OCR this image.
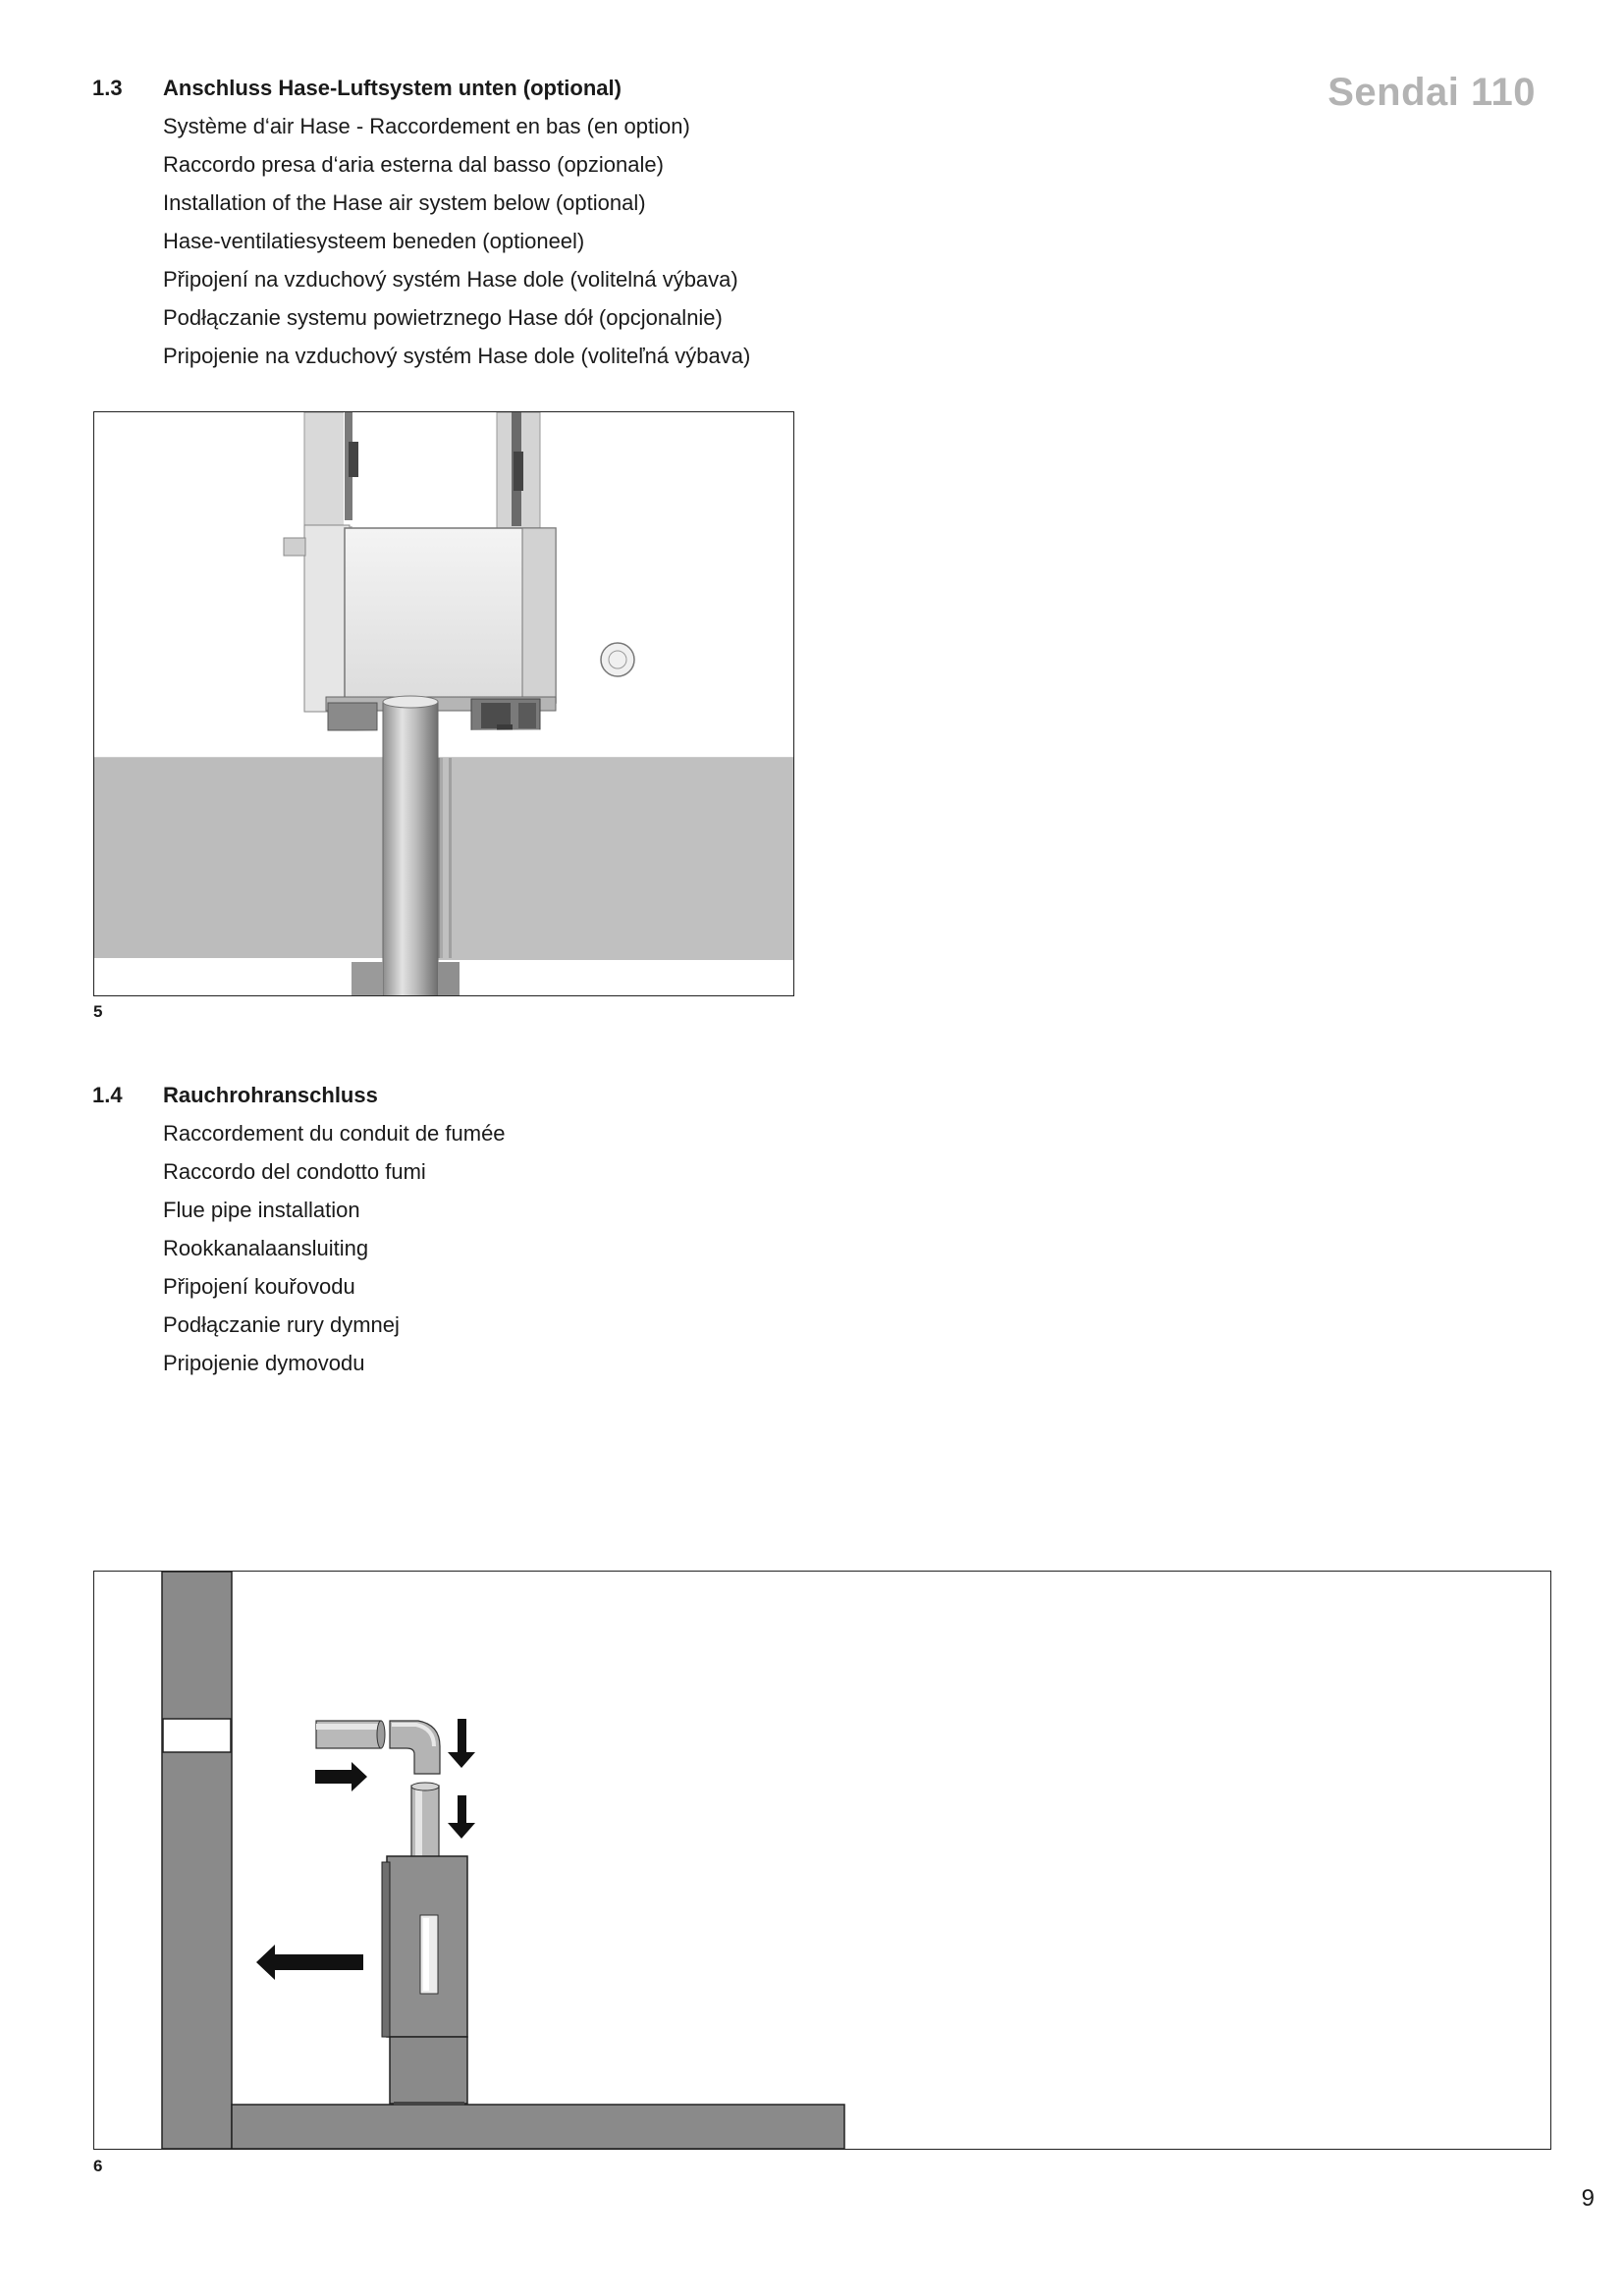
Sendai 110
1.3 Anschluss Hase-Luftsystem unten (optional)
Système d‘air Hase - Raccordement en bas (en option)
Raccordo presa d‘aria esterna dal basso (opzionale)
Installation of the Hase air system below (optional)
Hase-ventilatiesysteem beneden (optioneel)
Připojení na vzduchový systém Hase dole (volitelná výbava)
Podłączanie systemu powietrznego Hase dół (opcjonalnie)
Pripojenie na vzduchový systém Hase dole (voliteľná výbava)
5
1.4 Rauchrohranschluss
Raccordement du conduit de fumée
Raccordo del condotto fumi
Flue pipe installation
Rookkanalaansluiting
Připojení kouřovodu
Podłączanie rury dymnej
Pripojenie dymovodu
6
9
